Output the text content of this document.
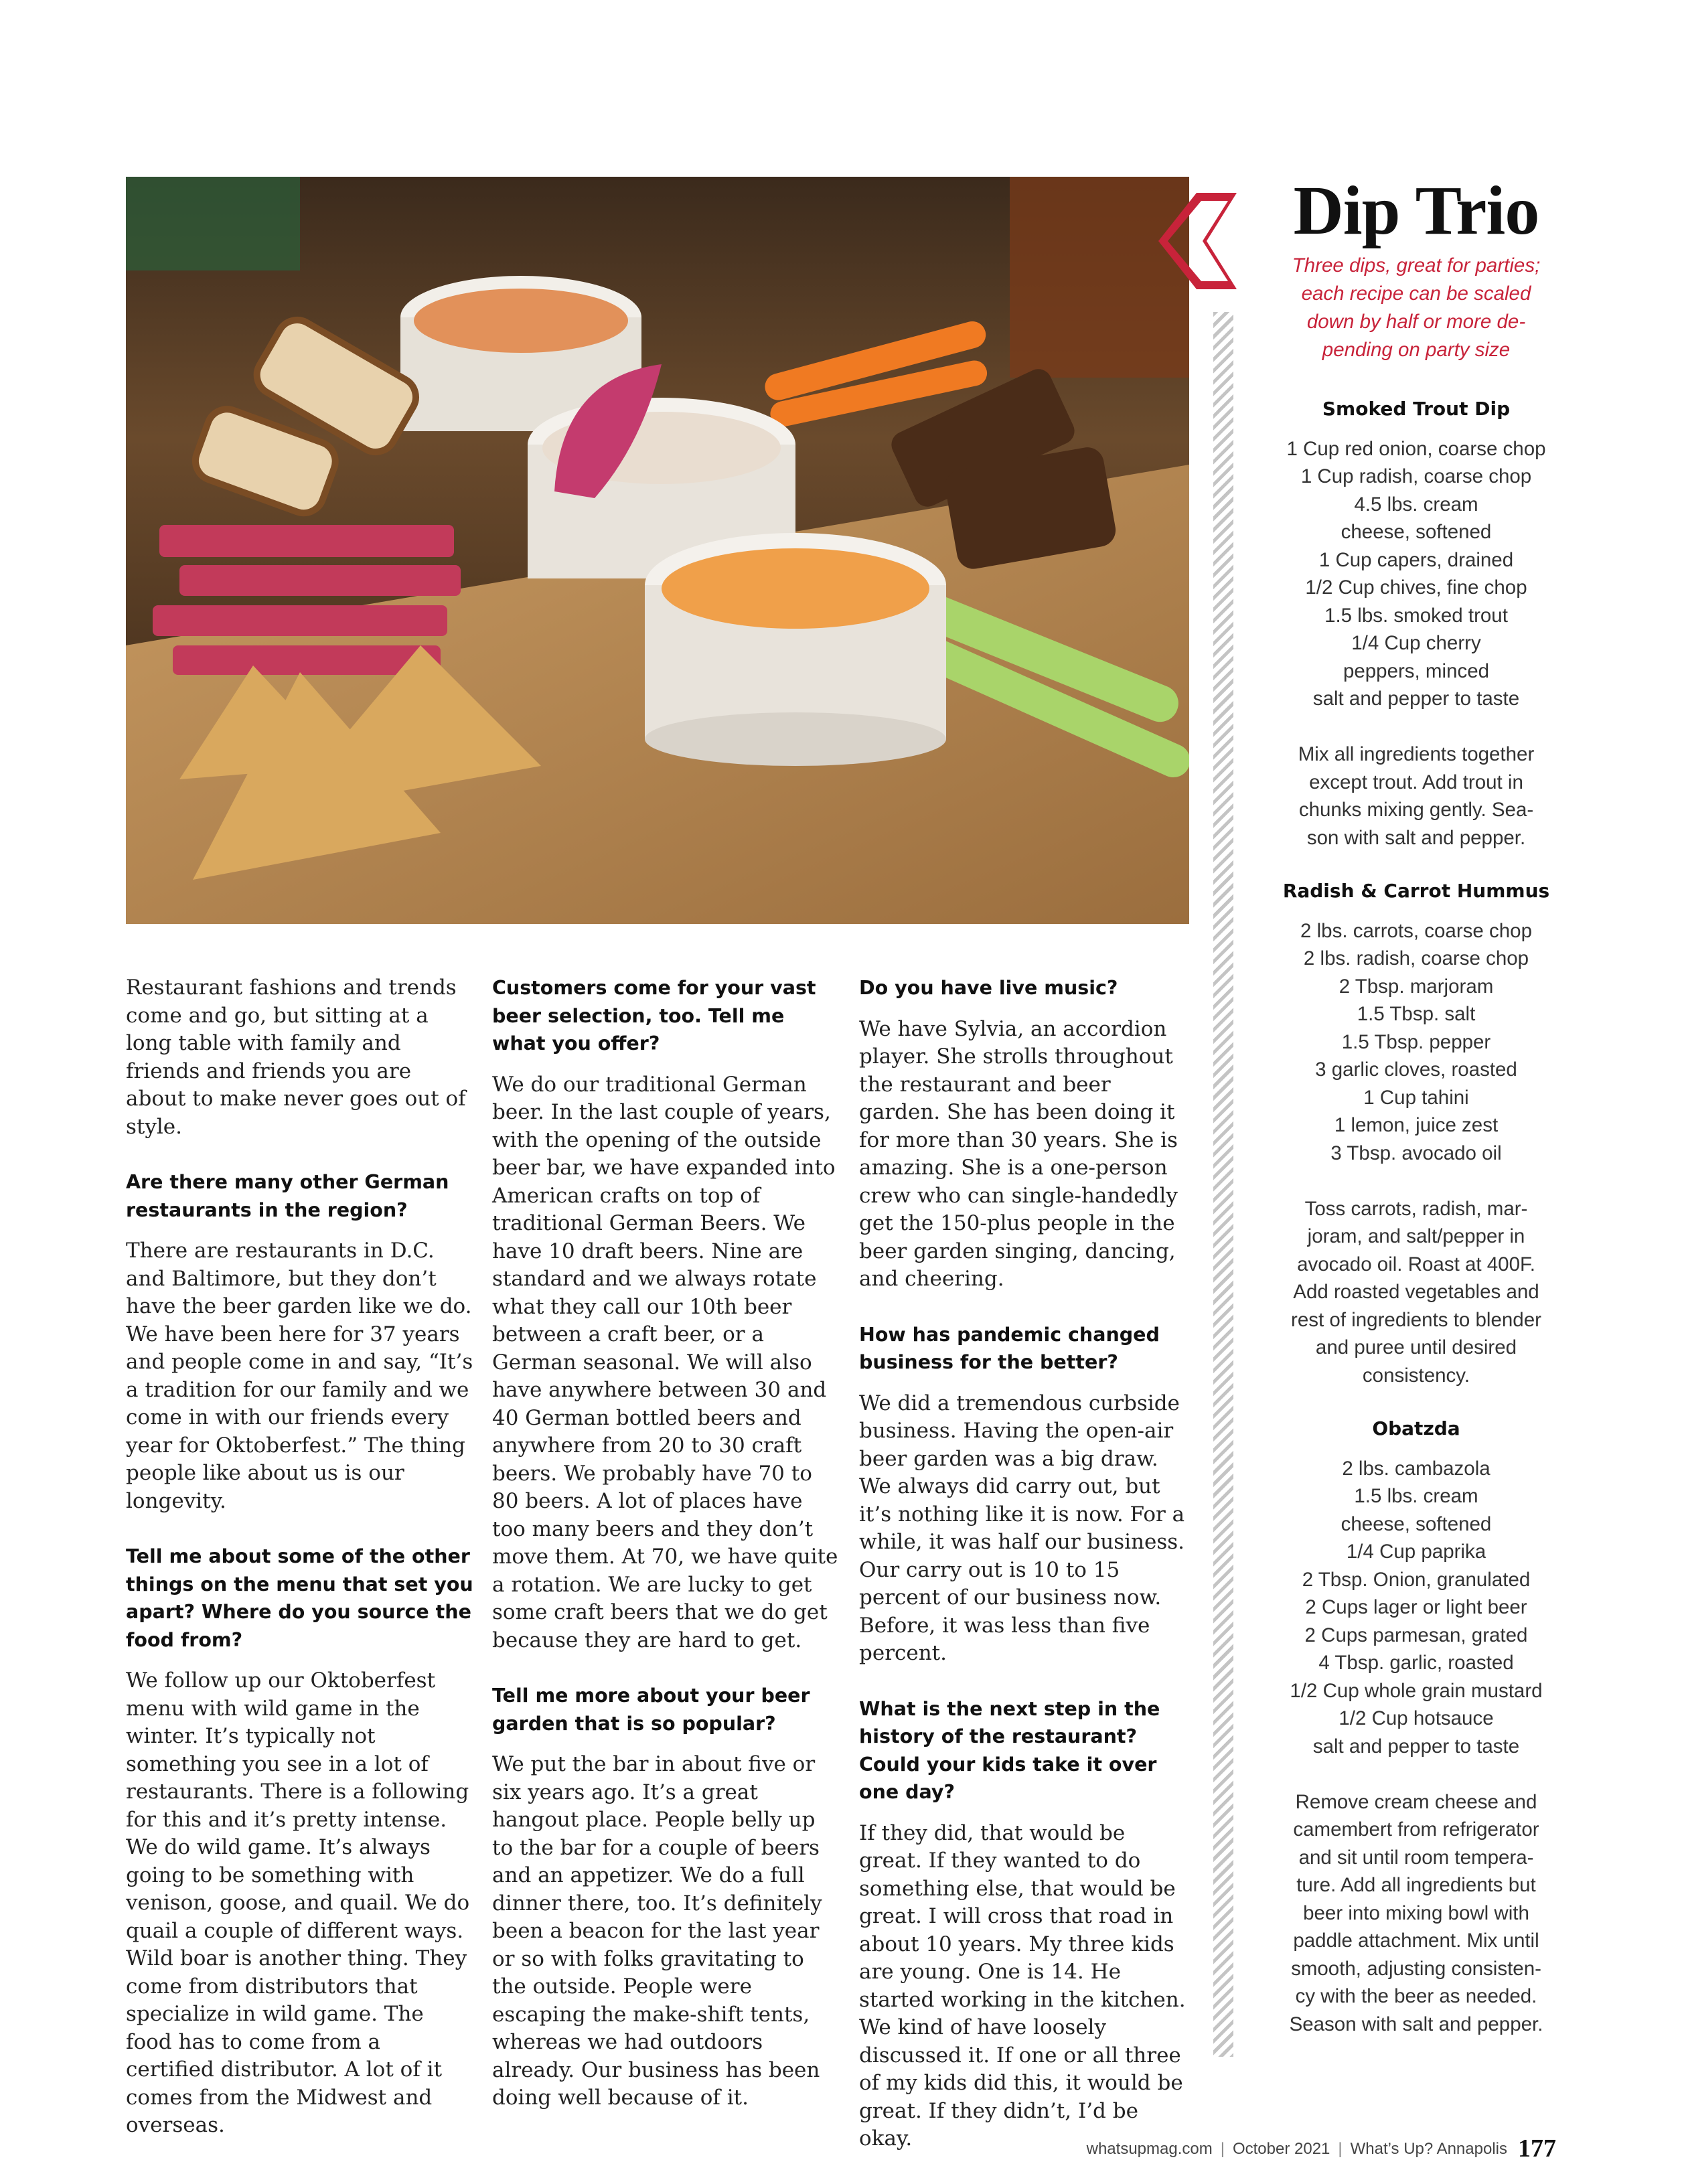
Restaurant fashions and trends come and go, but sitting at a long table with family and friends and friends you are about to make never goes out of style.

Are there many other German restaurants in the region?

There are restaurants in D.C. and Baltimore, but they don’t have the beer garden like we do. We have been here for 37 years and people come in and say, “It’s a tradition for our family and we come in with our friends every year for Oktoberfest.” The thing people like about us is our longevity.

Tell me about some of the other things on the menu that set you apart? Where do you source the food from?

We follow up our Oktoberfest menu with wild game in the winter. It’s typically not something you see in a lot of restaurants. There is a following for this and it’s pretty intense. We do wild game. It’s always going to be something with venison, goose, and quail. We do quail a couple of different ways. Wild boar is another thing. They come from distributors that specialize in wild game. The food has to come from a certified distributor. A lot of it comes from the Midwest and overseas.

Customers come for your vast beer selection, too. Tell me what you offer?

We do our traditional German beer. In the last couple of years, with the opening of the outside beer bar, we have expanded into American crafts on top of traditional German Beers. We have 10 draft beers. Nine are standard and we always rotate what they call our 10th beer between a craft beer, or a German seasonal. We will also have anywhere between 30 and 40 German bottled beers and anywhere from 20 to 30 craft beers. We probably have 70 to 80 beers. A lot of places have too many beers and they don’t move them. At 70, we have quite a rotation. We are lucky to get some craft beers that we do get because they are hard to get.

Tell me more about your beer garden that is so popular?

We put the bar in about five or six years ago. It’s a great hangout place. People belly up to the bar for a couple of beers and an appetizer. We do a full dinner there, too. It’s definitely been a beacon for the last year or so with folks gravitating to the outside. People were escaping the make-shift tents, whereas we had outdoors already. Our business has been doing well because of it.

Do you have live music?

We have Sylvia, an accordion player. She strolls throughout the restaurant and beer garden. She has been doing it for more than 30 years. She is amazing. She is a one-person crew who can single-handedly get the 150-plus people in the beer garden singing, dancing, and cheering.

How has pandemic changed business for the better?

We did a tremendous curbside business. Having the open-air beer garden was a big draw. We always did carry out, but it’s nothing like it is now. For a while, it was half our business. Our carry out is 10 to 15 percent of our business now. Before, it was less than five percent.

What is the next step in the history of the restaurant? Could your kids take it over one day?

If they did, that would be great. If they wanted to do something else, that would be great. I will cross that road in about 10 years. My three kids are young. One is 14. He started working in the kitchen. We kind of have loosely discussed it. If one or all three of my kids did this, it would be great. If they didn’t, I’d be okay.

Dip Trio
Three dips, great for parties;
each recipe can be scaled
down by half or more de-
pending on party size
Smoked Trout Dip
1 Cup red onion, coarse chop
1 Cup radish, coarse chop
4.5 lbs. cream
cheese, softened
1 Cup capers, drained
1/2 Cup chives, fine chop
1.5 lbs. smoked trout
1/4 Cup cherry
peppers, minced
salt and pepper to taste
Mix all ingredients together
except trout. Add trout in
chunks mixing gently. Sea-
son with salt and pepper.
Radish & Carrot Hummus
2 lbs. carrots, coarse chop
2 lbs. radish, coarse chop
2 Tbsp. marjoram
1.5 Tbsp. salt
1.5 Tbsp. pepper
3 garlic cloves, roasted
1 Cup tahini
1 lemon, juice zest
3 Tbsp. avocado oil
Toss carrots, radish, mar-
joram, and salt/pepper in
avocado oil. Roast at 400F.
Add roasted vegetables and
rest of ingredients to blender
and puree until desired
consistency.
Obatzda
2 lbs. cambazola
1.5 lbs. cream
cheese, softened
1/4 Cup paprika
2 Tbsp. Onion, granulated
2 Cups lager or light beer
2 Cups parmesan, grated
4 Tbsp. garlic, roasted
1/2 Cup whole grain mustard
1/2 Cup hotsauce
salt and pepper to taste
Remove cream cheese and
camembert from refrigerator
and sit until room tempera-
ture. Add all ingredients but
beer into mixing bowl with
paddle attachment. Mix until
smooth, adjusting consisten-
cy with the beer as needed.
Season with salt and pepper.
whatsupmag.com | October 2021 | What’s Up? Annapolis 177
